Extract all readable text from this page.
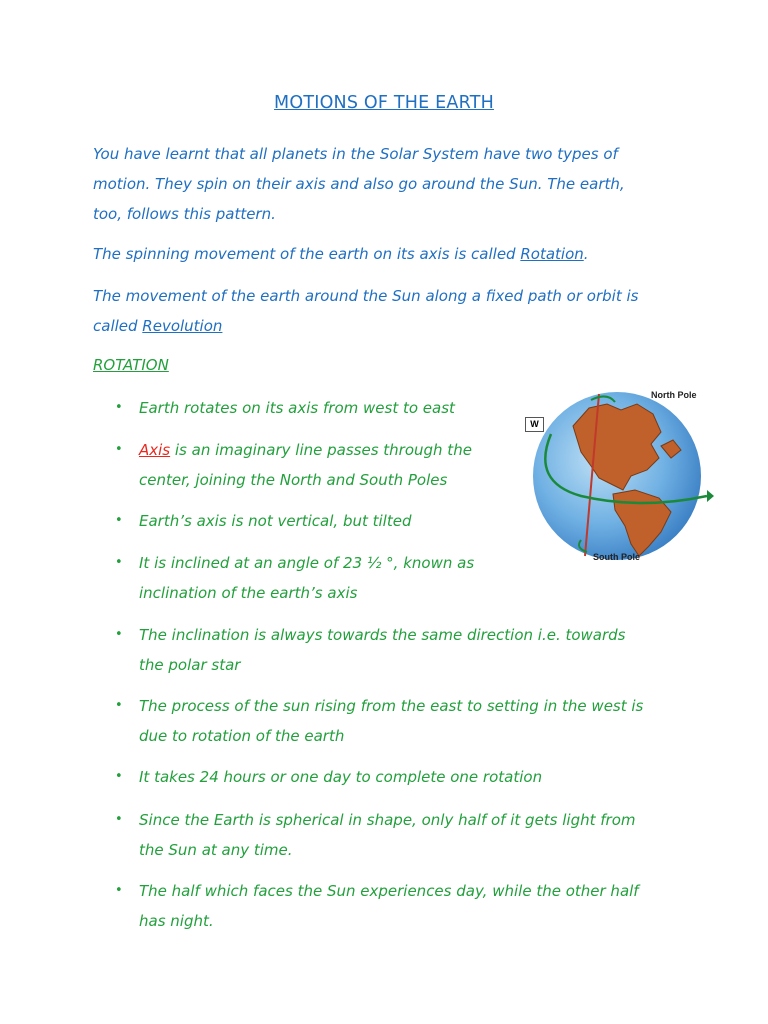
MOTIONS OF THE EARTH
You have learnt that all planets in the Solar System have two types of
motion. They spin on their axis and also go around the Sun. The earth,
too, follows this pattern.
The spinning movement of the earth on its axis is called Rotation.
The movement of the earth around the Sun along a fixed path or orbit is
called Revolution
ROTATION
• Earth rotates on its axis from west to east
• Axis is an imaginary line passes through the
center, joining the North and South Poles
• Earth’s axis is not vertical, but tilted
• It is inclined at an angle of 23 ½ °, known as
inclination of the earth’s axis
• The inclination is always towards the same direction i.e. towards
the polar star
• The process of the sun rising from the east to setting in the west is
due to rotation of the earth
• It takes 24 hours or one day to complete one rotation
• Since the Earth is spherical in shape, only half of it gets light from
the Sun at any time.
• The half which faces the Sun experiences day, while the other half
has night.
W
North Pole
South Pole
